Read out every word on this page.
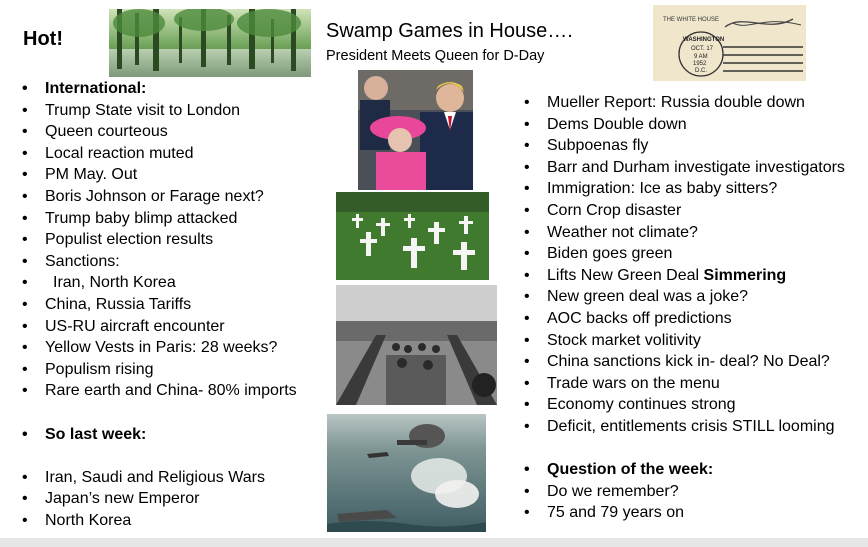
Hot!	Swamp Games in House….
President Meets Queen for D-Day
THE WHITE HOUSE
WASHINGTON
OCT. 17
9 AM
1952
D.C.
• International:
• Trump State visit to London
• Queen courteous
• Local reaction muted
• PM May. Out
• Boris Johnson or Farage next?
• Trump baby blimp attacked
• Populist election results
• Sanctions:
• Iran, North Korea
• China, Russia Tariffs
• US-RU aircraft encounter
• Yellow Vests in Paris: 28 weeks?
• Populism rising
• Rare earth and China- 80% imports
• So last week:
• Iran, Saudi and Religious Wars
• Japan’s new Emperor
• North Korea
• Mueller Report: Russia double down
• Dems Double down
• Subpoenas fly
• Barr and Durham investigate investigators
• Immigration: Ice as baby sitters?
• Corn Crop disaster
• Weather not climate?
• Biden goes green
• Lifts New Green Deal Simmering
• New green deal was a joke?
• AOC backs off predictions
• Stock market volitivity
• China sanctions kick in- deal? No Deal?
• Trade wars on the menu
• Economy continues strong
• Deficit, entitlements crisis STILL looming
• Question of the week:
• Do we remember?
• 75 and 79 years on
